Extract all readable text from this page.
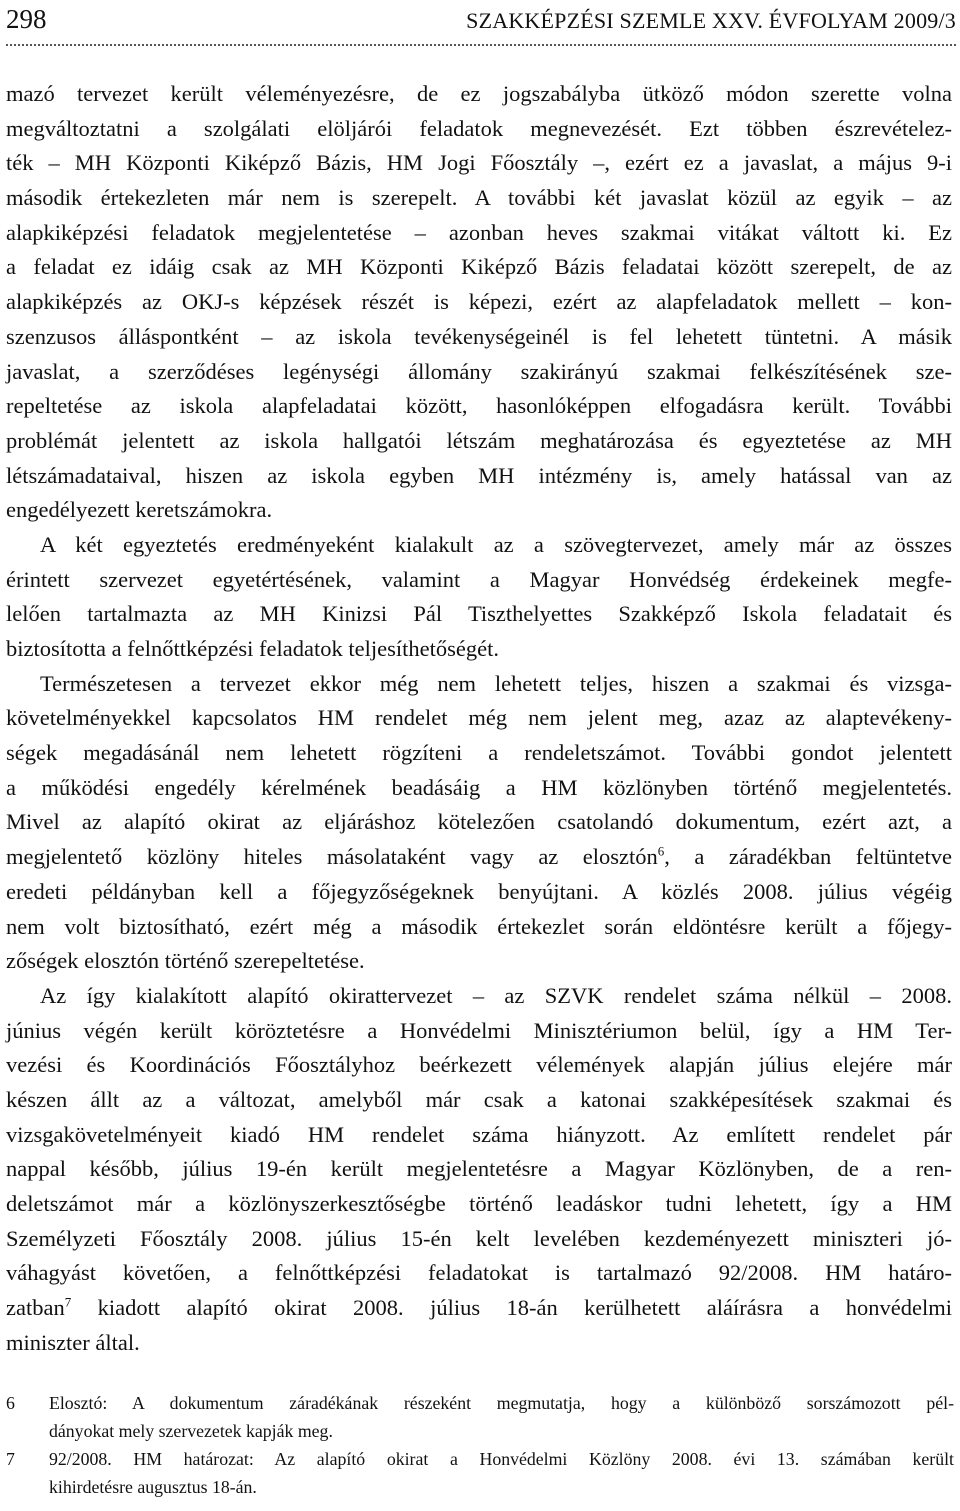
298	SZAKKÉPZÉSI SZEMLE XXV. ÉVFOLYAM 2009/3
mazó tervezet került véleményezésre, de ez jogszabályba ütköző módon szerette volna
megváltoztatni a szolgálati elöljárói feladatok megnevezését. Ezt többen észrevételez-
ték – MH Központi Kiképző Bázis, HM Jogi Főosztály –, ezért ez a javaslat, a május 9-i
második értekezleten már nem is szerepelt. A további két javaslat közül az egyik – az
alapkiképzési feladatok megjelentetése – azonban heves szakmai vitákat váltott ki. Ez
a feladat ez idáig csak az MH Központi Kiképző Bázis feladatai között szerepelt, de az
alapkiképzés az OKJ-s képzések részét is képezi, ezért az alapfeladatok mellett – kon-
szenzusos álláspontként – az iskola tevékenységeinél is fel lehetett tüntetni. A másik
javaslat, a szerződéses legénységi állomány szakirányú szakmai felkészítésének sze-
repeltetése az iskola alapfeladatai között, hasonlóképpen elfogadásra került. További
problémát jelentett az iskola hallgatói létszám meghatározása és egyeztetése az MH
létszámadataival, hiszen az iskola egyben MH intézmény is, amely hatással van az
engedélyezett keretszámokra.
A két egyeztetés eredményeként kialakult az a szövegtervezet, amely már az összes
érintett szervezet egyetértésének, valamint a Magyar Honvédség érdekeinek megfe-
lelően tartalmazta az MH Kinizsi Pál Tiszthelyettes Szakképző Iskola feladatait és
biztosította a felnőttképzési feladatok teljesíthetőségét.
Természetesen a tervezet ekkor még nem lehetett teljes, hiszen a szakmai és vizsga-
követelményekkel kapcsolatos HM rendelet még nem jelent meg, azaz az alaptevékeny-
ségek megadásánál nem lehetett rögzíteni a rendeletszámot. További gondot jelentett
a működési engedély kérelmének beadásáig a HM közlönyben történő megjelentetés.
Mivel az alapító okirat az eljáráshoz kötelezően csatolandó dokumentum, ezért azt, a
megjelentető közlöny hiteles másolataként vagy az elosztón$^6$, a záradékban feltüntetve
eredeti példányban kell a főjegyzőségeknek benyújtani. A közlés 2008. július végéig
nem volt biztosítható, ezért még a második értekezlet során eldöntésre került a főjegy-
zőségek elosztón történő szerepeltetése.
Az így kialakított alapító okirattervezet – az SZVK rendelet száma nélkül – 2008.
június végén került köröztetésre a Honvédelmi Minisztériumon belül, így a HM Ter-
vezési és Koordinációs Főosztályhoz beérkezett vélemények alapján július elejére már
készen állt az a változat, amelyből már csak a katonai szakképesítések szakmai és
vizsgakövetelményeit kiadó HM rendelet száma hiányzott. Az említett rendelet pár
nappal később, július 19-én került megjelentetésre a Magyar Közlönyben, de a ren-
deletszámot már a közlönyszerkesztőségbe történő leadáskor tudni lehetett, így a HM
Személyzeti Főosztály 2008. július 15-én kelt levelében kezdeményezett miniszteri jó-
váhagyást követően, a felnőttképzési feladatokat is tartalmazó 92/2008. HM határo-
zatban$^7$ kiadott alapító okirat 2008. július 18-án kerülhetett aláírásra a honvédelmi
miniszter által.
6 Elosztó: A dokumentum záradékának részeként megmutatja, hogy a különböző sorszámozott pél-
dányokat mely szervezetek kapják meg.
7 92/2008. HM határozat: Az alapító okirat a Honvédelmi Közlöny 2008. évi 13. számában került
kihirdetésre augusztus 18-án.
